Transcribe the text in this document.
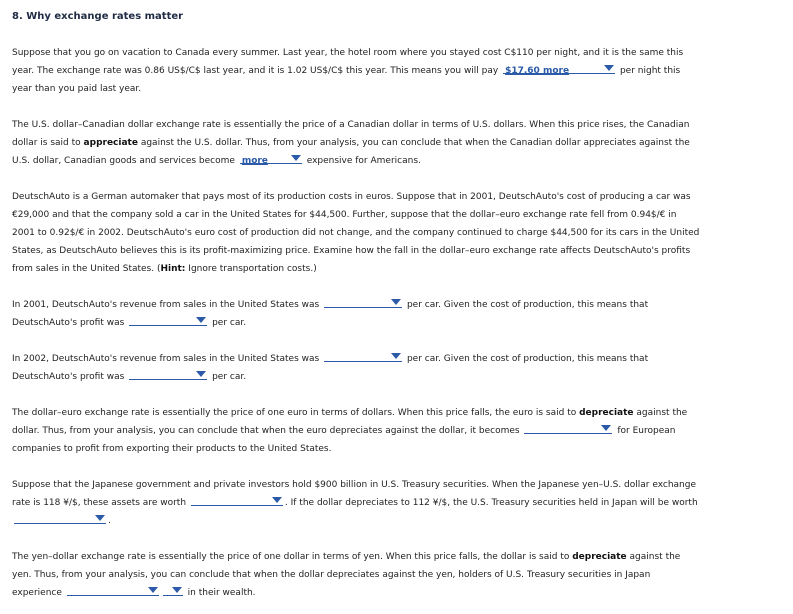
8. Why exchange rates matter

Suppose that you go on vacation to Canada every summer. Last year, the hotel room where you stayed cost C$110 per night, and it is the same this year. The exchange rate was 0.86 US$/C$ last year, and it is 1.02 US$/C$ this year. This means you will pay $17.60 more	per night this year than you paid last year.

The U.S. dollar–Canadian dollar exchange rate is essentially the price of a Canadian dollar in terms of U.S. dollars. When this price rises, the Canadian dollar is said to appreciate against the U.S. dollar. Thus, from your analysis, you can conclude that when the Canadian dollar appreciates against the U.S. dollar, Canadian goods and services become more	expensive for Americans.

DeutschAuto is a German automaker that pays most of its production costs in euros. Suppose that in 2001, DeutschAuto's cost of producing a car was €29,000 and that the company sold a car in the United States for $44,500. Further, suppose that the dollar–euro exchange rate fell from 0.94$/€ in 2001 to 0.92$/€ in 2002. DeutschAuto's euro cost of production did not change, and the company continued to charge $44,500 for its cars in the United States, as DeutschAuto believes this is its profit-maximizing price. Examine how the fall in the dollar–euro exchange rate affects DeutschAuto's profits from sales in the United States. (Hint: Ignore transportation costs.)

In 2001, DeutschAuto's revenue from sales in the United States was	per car. Given the cost of production, this means that DeutschAuto's profit was	per car.

In 2002, DeutschAuto's revenue from sales in the United States was	per car. Given the cost of production, this means that DeutschAuto's profit was	per car.

The dollar–euro exchange rate is essentially the price of one euro in terms of dollars. When this price falls, the euro is said to depreciate against the dollar. Thus, from your analysis, you can conclude that when the euro depreciates against the dollar, it becomes	for European companies to profit from exporting their products to the United States.

Suppose that the Japanese government and private investors hold $900 billion in U.S. Treasury securities. When the Japanese yen–U.S. dollar exchange rate is 118 ¥/$, these assets are worth	. If the dollar depreciates to 112 ¥/$, the U.S. Treasury securities held in Japan will be worth
.

The yen–dollar exchange rate is essentially the price of one dollar in terms of yen. When this price falls, the dollar is said to depreciate against the yen. Thus, from your analysis, you can conclude that when the dollar depreciates against the yen, holders of U.S. Treasury securities in Japan experience	in their wealth.
